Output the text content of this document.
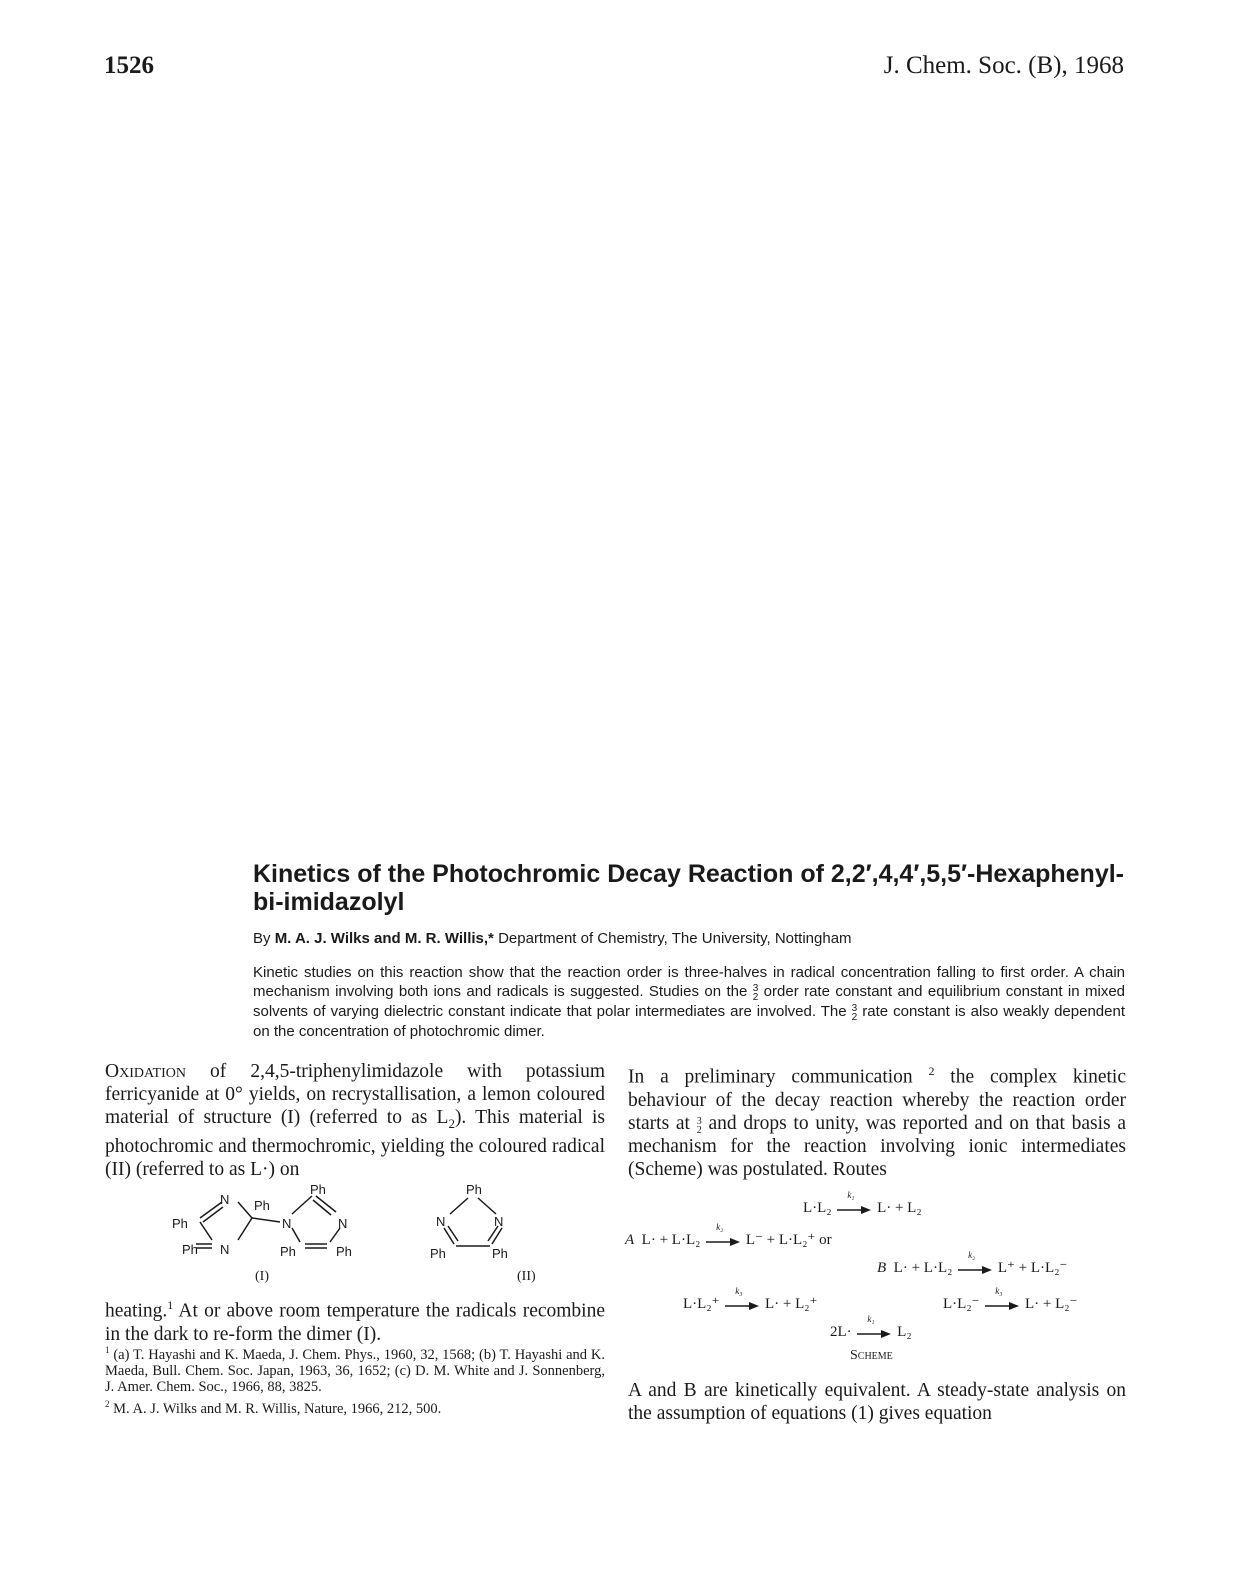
1526	J. Chem. Soc. (B), 1968
Kinetics of the Photochromic Decay Reaction of 2,2′,4,4′,5,5′-Hexaphenyl-bi-imidazolyl
By M. A. J. Wilks and M. R. Willis,* Department of Chemistry, The University, Nottingham
Kinetic studies on this reaction show that the reaction order is three-halves in radical concentration falling to first order. A chain mechanism involving both ions and radicals is suggested. Studies on the 3
2 order rate constant and equilibrium constant in mixed solvents of varying dielectric constant indicate that polar intermediates are involved. The 3
2 rate constant is also weakly dependent on the concentration of photochromic dimer.
Oxidation of 2,4,5-triphenylimidazole with potassium ferricyanide at 0° yields, on recrystallisation, a lemon coloured material of structure (I) (referred to as $L_2$). This material is photochromic and thermochromic, yielding the coloured radical (II) (referred to as L·) on
Ph
N Ph
Ph N
N
Ph
N
Ph	Ph
(I)
Ph
N	N
Ph	Ph
(II)
heating.$^1$ At or above room temperature the radicals recombine in the dark to re-form the dimer (I).

$^1$ (a) T. Hayashi and K. Maeda, J. Chem. Phys., 1960, 32, 1568; (b) T. Hayashi and K. Maeda, Bull. Chem. Soc. Japan, 1963, 36, 1652; (c) D. M. White and J. Sonnenberg, J. Amer. Chem. Soc., 1966, 88, 3825.

$^2$ M. A. J. Wilks and M. R. Willis, Nature, 1966, 212, 500.

In a preliminary communication $^2$ the complex kinetic behaviour of the decay reaction whereby the reaction order starts at 3
2 and drops to unity, was reported and on that basis a mechanism for the reaction involving ionic intermediates (Scheme) was postulated. Routes
L·L₂
k₁
L· + L₂
A L· + L·L₂
k₂
L⁻ + L·L₂⁺ or
B L· + L·L₂
k₂
L⁺ + L·L₂⁻
L·L₂⁺
k₃
L· + L₂⁺	L·L₂⁻
k₃
L· + L₂⁻
2L·
k₁
L₂
Scheme
A and B are kinetically equivalent. A steady-state analysis on the assumption of equations (1) gives equation
